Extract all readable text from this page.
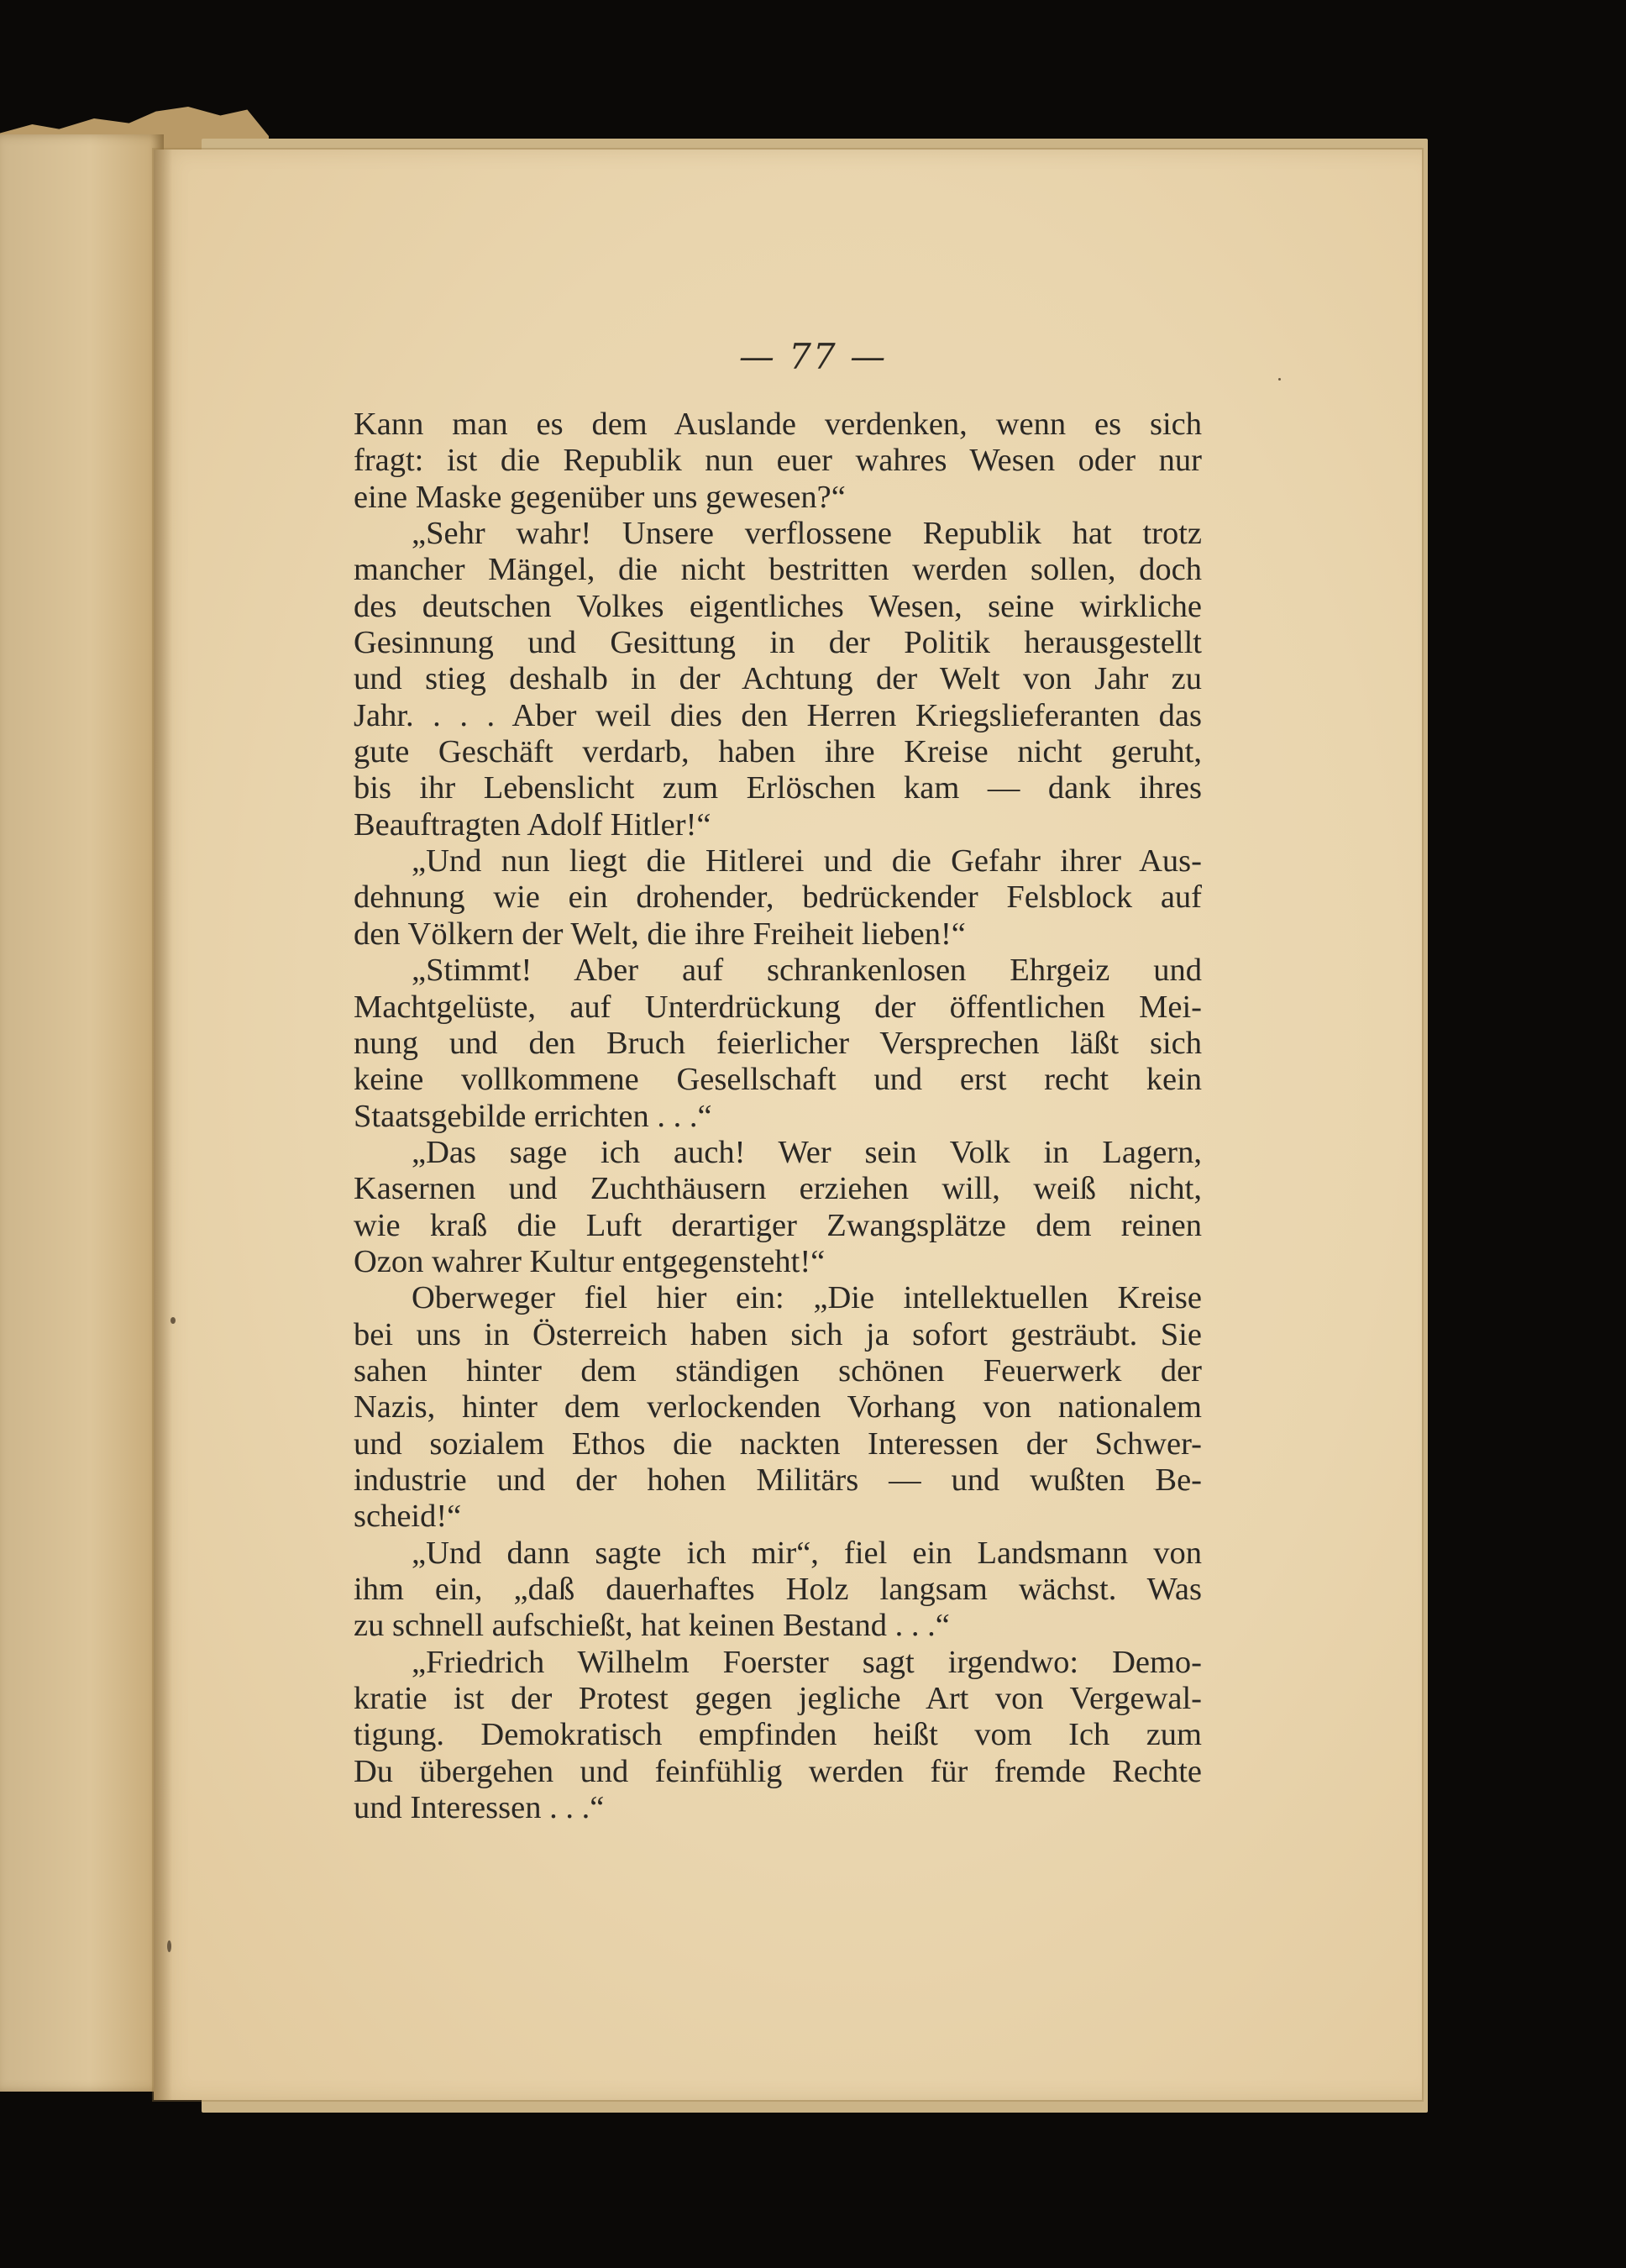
— 77 —
Kann man es dem Auslande verdenken, wenn es sich
fragt: ist die Republik nun euer wahres Wesen oder nur
eine Maske gegenüber uns gewesen?“
„Sehr wahr! Unsere verflossene Republik hat trotz
mancher Mängel, die nicht bestritten werden sollen, doch
des deutschen Volkes eigentliches Wesen, seine wirkliche
Gesinnung und Gesittung in der Politik herausgestellt
und stieg deshalb in der Achtung der Welt von Jahr zu
Jahr. . . . Aber weil dies den Herren Kriegslieferanten das
gute Geschäft verdarb, haben ihre Kreise nicht geruht,
bis ihr Lebenslicht zum Erlöschen kam — dank ihres
Beauftragten Adolf Hitler!“
„Und nun liegt die Hitlerei und die Gefahr ihrer Aus-
dehnung wie ein drohender, bedrückender Felsblock auf
den Völkern der Welt, die ihre Freiheit lieben!“
„Stimmt! Aber auf schrankenlosen Ehrgeiz und
Machtgelüste, auf Unterdrückung der öffentlichen Mei-
nung und den Bruch feierlicher Versprechen läßt sich
keine vollkommene Gesellschaft und erst recht kein
Staatsgebilde errichten . . .“
„Das sage ich auch! Wer sein Volk in Lagern,
Kasernen und Zuchthäusern erziehen will, weiß nicht,
wie kraß die Luft derartiger Zwangsplätze dem reinen
Ozon wahrer Kultur entgegensteht!“
Oberweger fiel hier ein: „Die intellektuellen Kreise
bei uns in Österreich haben sich ja sofort gesträubt. Sie
sahen hinter dem ständigen schönen Feuerwerk der
Nazis, hinter dem verlockenden Vorhang von nationalem
und sozialem Ethos die nackten Interessen der Schwer-
industrie und der hohen Militärs — und wußten Be-
scheid!“
„Und dann sagte ich mir“, fiel ein Landsmann von
ihm ein, „daß dauerhaftes Holz langsam wächst. Was
zu schnell aufschießt, hat keinen Bestand . . .“
„Friedrich Wilhelm Foerster sagt irgendwo: Demo-
kratie ist der Protest gegen jegliche Art von Vergewal-
tigung. Demokratisch empfinden heißt vom Ich zum
Du übergehen und feinfühlig werden für fremde Rechte
und Interessen . . .“
